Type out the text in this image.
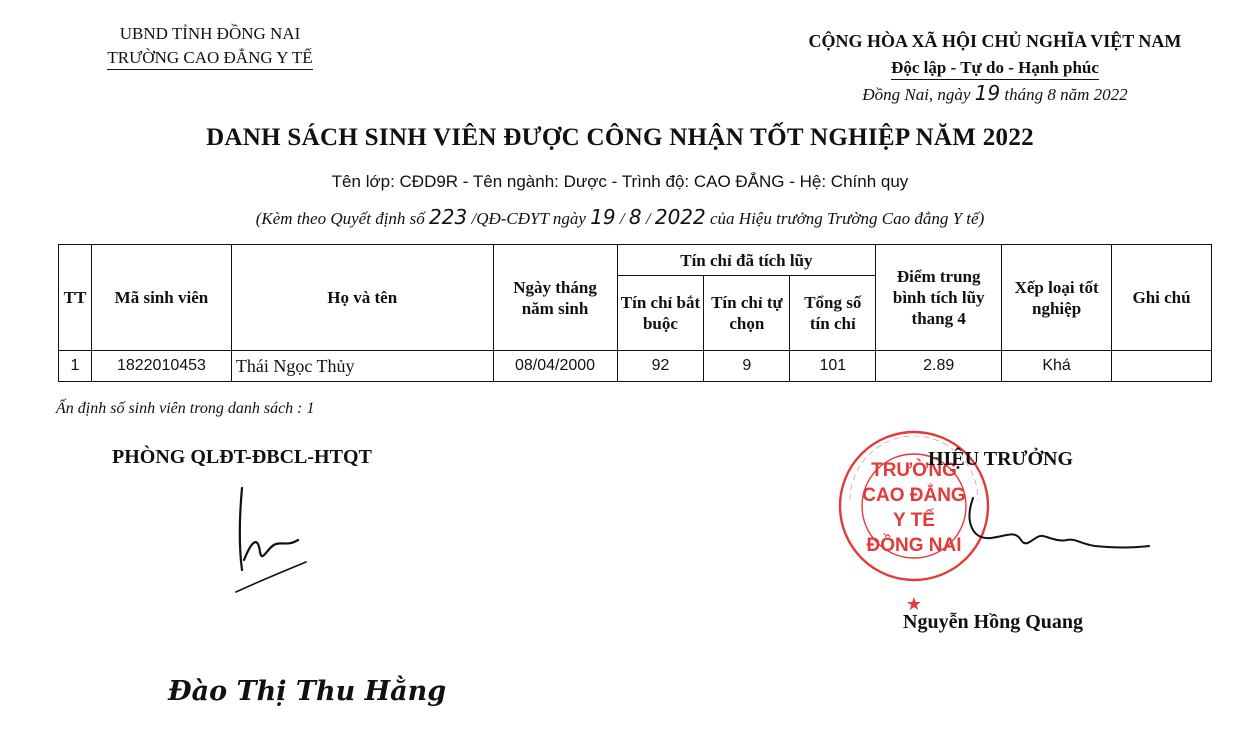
UBND TỈNH ĐỒNG NAI
TRƯỜNG CAO ĐẲNG Y TẾ
CỘNG HÒA XÃ HỘI CHỦ NGHĨA VIỆT NAM
Độc lập - Tự do - Hạnh phúc
Đồng Nai, ngày 19 tháng 8 năm 2022
DANH SÁCH SINH VIÊN ĐƯỢC CÔNG NHẬN TỐT NGHIỆP NĂM 2022
Tên lớp: CĐD9R - Tên ngành: Dược - Trình độ: CAO ĐẲNG - Hệ: Chính quy
(Kèm theo Quyết định số 223 /QĐ-CĐYT ngày 19 / 8 / 2022 của Hiệu trưởng Trường Cao đẳng Y tế)
TT	Mã sinh viên	Họ và tên	Ngày tháng năm sinh	Tín chỉ đã tích lũy			Điểm trung bình tích lũy thang 4	Xếp loại tốt nghiệp	Ghi chú
				Tín chỉ bắt buộc	Tín chỉ tự chọn	Tổng số tín chỉ			
1	1822010453	Thái Ngọc Thủy	08/04/2000	92	9	101	2.89	Khá	
Ấn định số sinh viên trong danh sách : 1
PHÒNG QLĐT-ĐBCL-HTQT
Đào Thị Thu Hằng
★
TRƯỜNG
CAO ĐẲNG
Y TẾ
ĐỒNG NAI
HIỆU TRƯỞNG
Nguyễn Hồng Quang
